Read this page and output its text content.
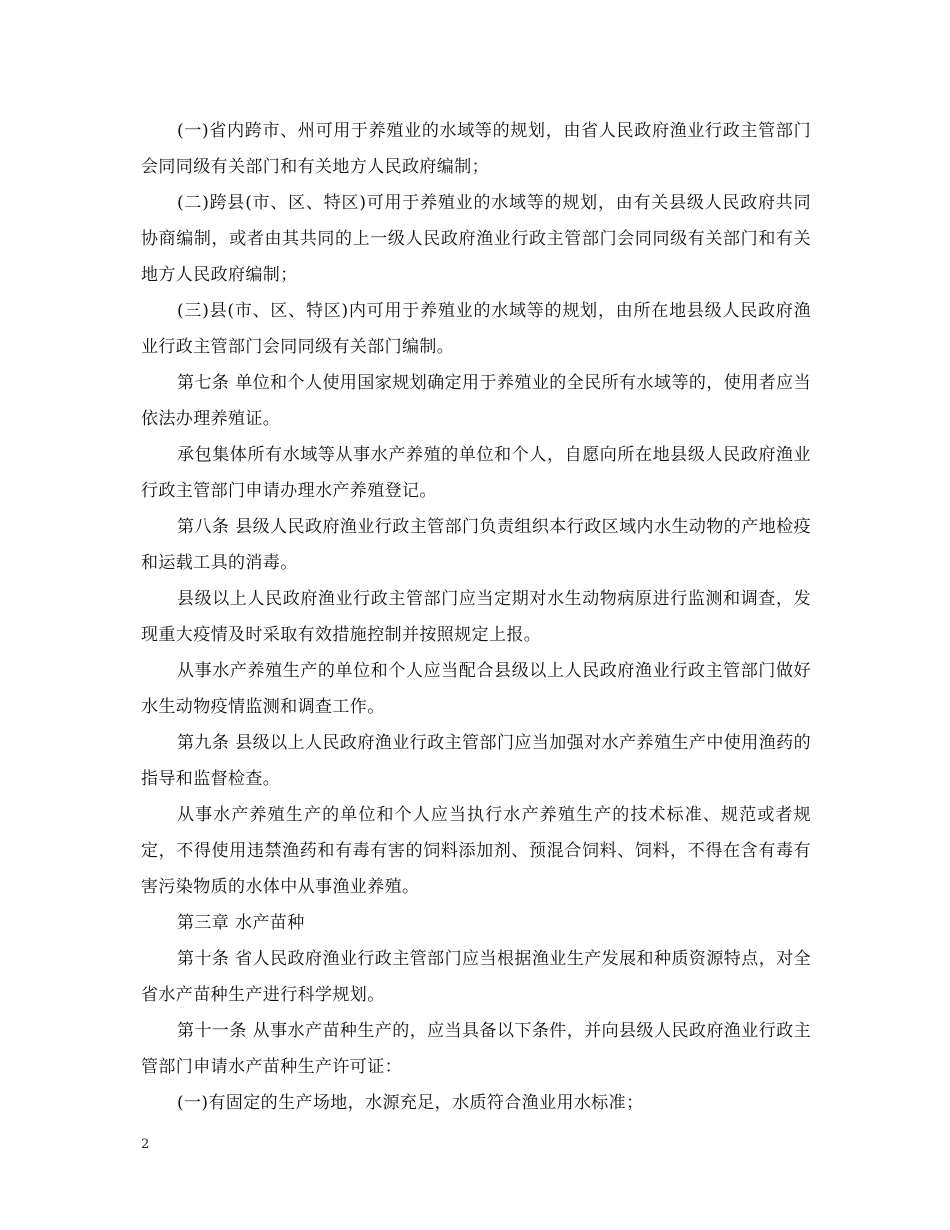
(一)省内跨市、州可用于养殖业的水域等的规划，由省人民政府渔业行政主管部门会同同级有关部门和有关地方人民政府编制；

(二)跨县(市、区、特区)可用于养殖业的水域等的规划，由有关县级人民政府共同协商编制，或者由其共同的上一级人民政府渔业行政主管部门会同同级有关部门和有关地方人民政府编制；

(三)县(市、区、特区)内可用于养殖业的水域等的规划，由所在地县级人民政府渔业行政主管部门会同同级有关部门编制。

第七条 单位和个人使用国家规划确定用于养殖业的全民所有水域等的，使用者应当依法办理养殖证。

承包集体所有水域等从事水产养殖的单位和个人，自愿向所在地县级人民政府渔业行政主管部门申请办理水产养殖登记。

第八条 县级人民政府渔业行政主管部门负责组织本行政区域内水生动物的产地检疫和运载工具的消毒。

县级以上人民政府渔业行政主管部门应当定期对水生动物病原进行监测和调查，发现重大疫情及时采取有效措施控制并按照规定上报。

从事水产养殖生产的单位和个人应当配合县级以上人民政府渔业行政主管部门做好水生动物疫情监测和调查工作。

第九条 县级以上人民政府渔业行政主管部门应当加强对水产养殖生产中使用渔药的指导和监督检查。

从事水产养殖生产的单位和个人应当执行水产养殖生产的技术标准、规范或者规定，不得使用违禁渔药和有毒有害的饲料添加剂、预混合饲料、饲料，不得在含有毒有害污染物质的水体中从事渔业养殖。

第三章 水产苗种

第十条 省人民政府渔业行政主管部门应当根据渔业生产发展和种质资源特点，对全省水产苗种生产进行科学规划。

第十一条 从事水产苗种生产的，应当具备以下条件，并向县级人民政府渔业行政主管部门申请水产苗种生产许可证：

(一)有固定的生产场地，水源充足，水质符合渔业用水标准；

2
